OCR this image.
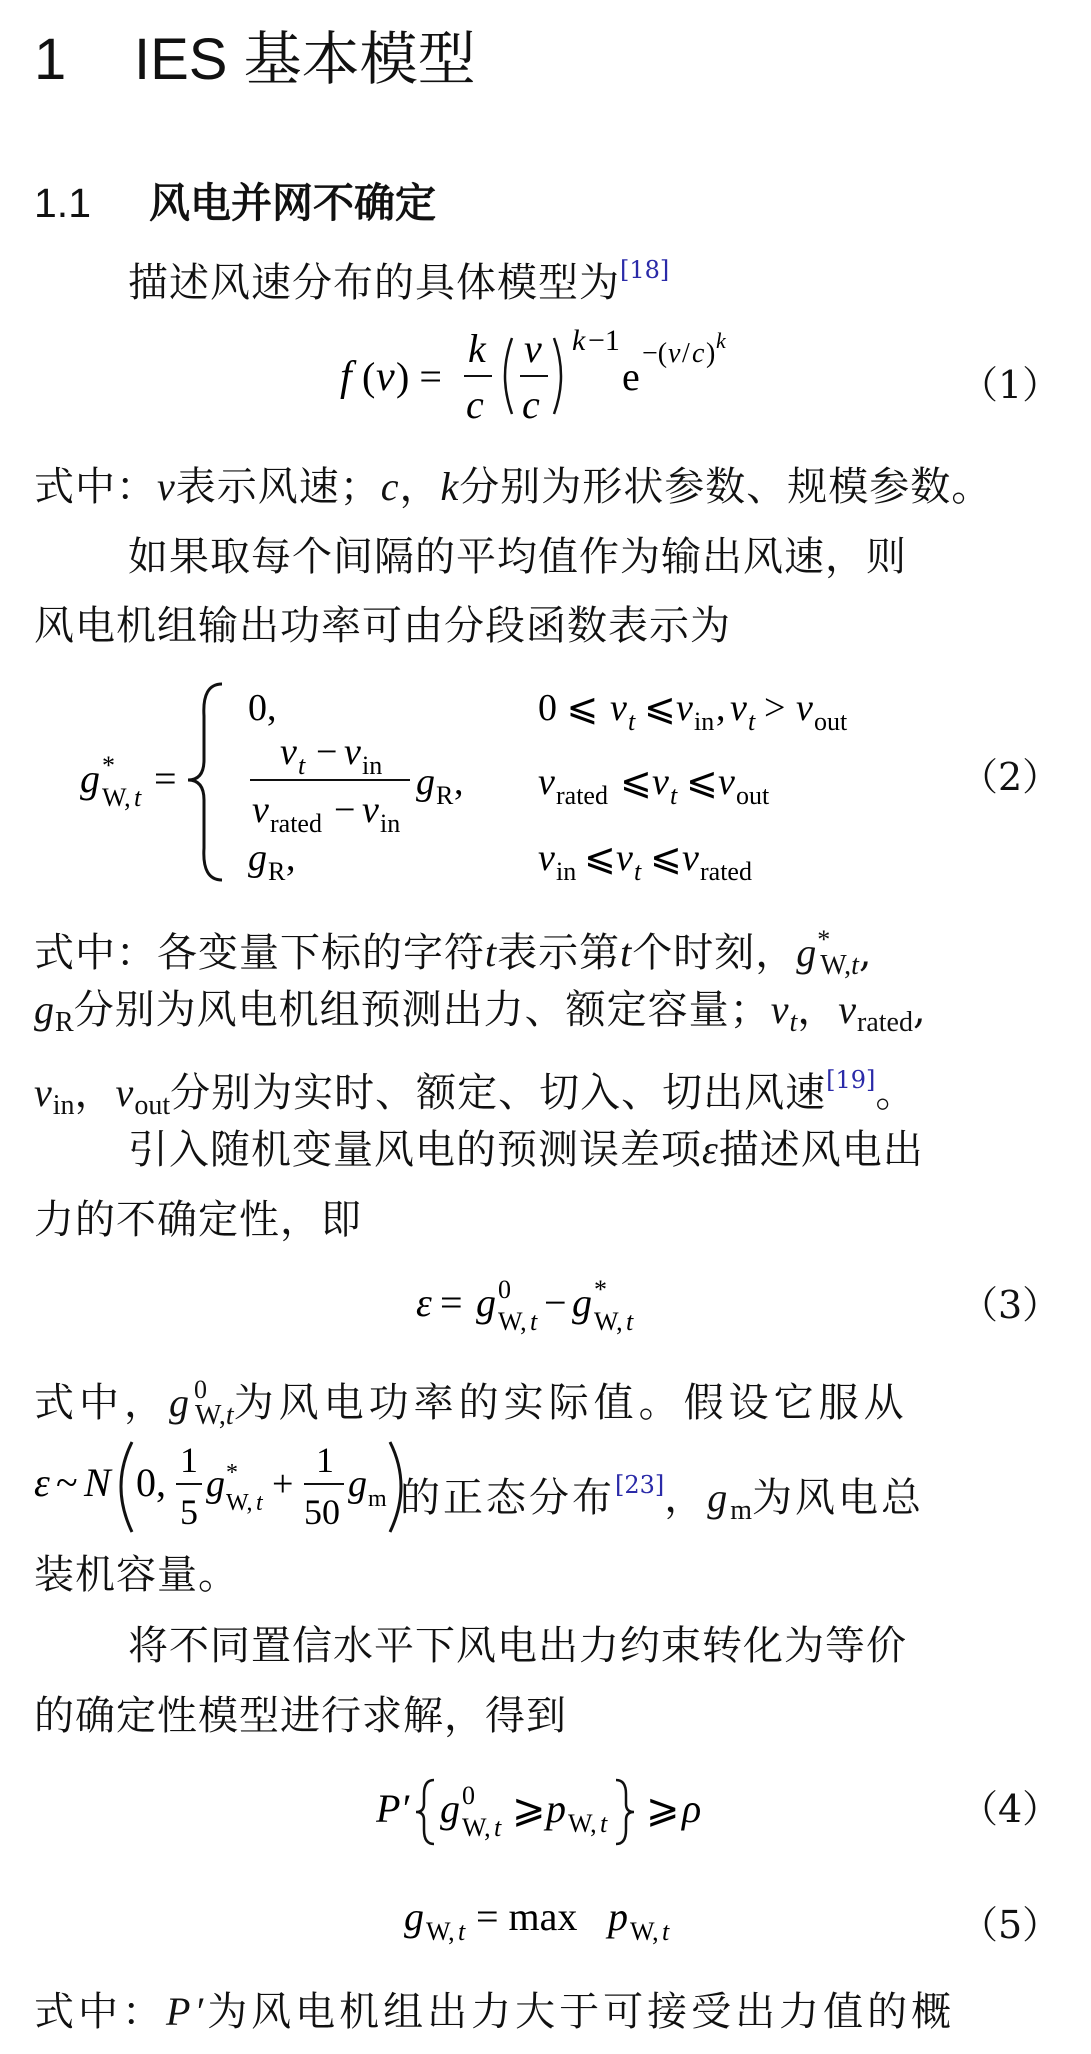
1 IES 基本模型
1.1 风电并网不确定
描述风速分布的具体模型为[18]
f ( v ) =
k
c
v
c
k −1
e
−( v / c ) k
（1）
式中：v表示风速；c，k分别为形状参数、规模参数。
如果取每个间隔的平均值作为输出风速，则
风电机组输出功率可由分段函数表示为
g *
W, t =
0,	0 ⩽ v t ⩽ v in , v t > v out
v t − v in
v rated − v in
g R , v rated ⩽ v t ⩽ v out
g R ,	v in ⩽ v t ⩽ v rated
（2）
式中：各变量下标的字符t表示第t个时刻，$g^*_{W,t}$,
$g_R$分别为风电机组预测出力、额定容量；$v_t$，$v_{rated}$,
$v_{in}$，$v_{out}$分别为实时、额定、切入、切出风速[19]。
引入随机变量风电的预测误差项ε描述风电出
力的不确定性，即
ε = g 0
W, t − g *
W, t	（3）
式中，$g^0_{W,t}$为风电功率的实际值。假设它服从
ε ~ N 0, 1
5
g *
W, t +
1
50
g m 的正态分布[23]，$g_m$为风电总
装机容量。
将不同置信水平下风电出力约束转化为等价
的确定性模型进行求解，得到
P′ g 0
W, t ⩾ p W, t ⩾ ρ	（4）
g W, t = max p W, t	（5）
式中：P′为风电机组出力大于可接受出力值的概
